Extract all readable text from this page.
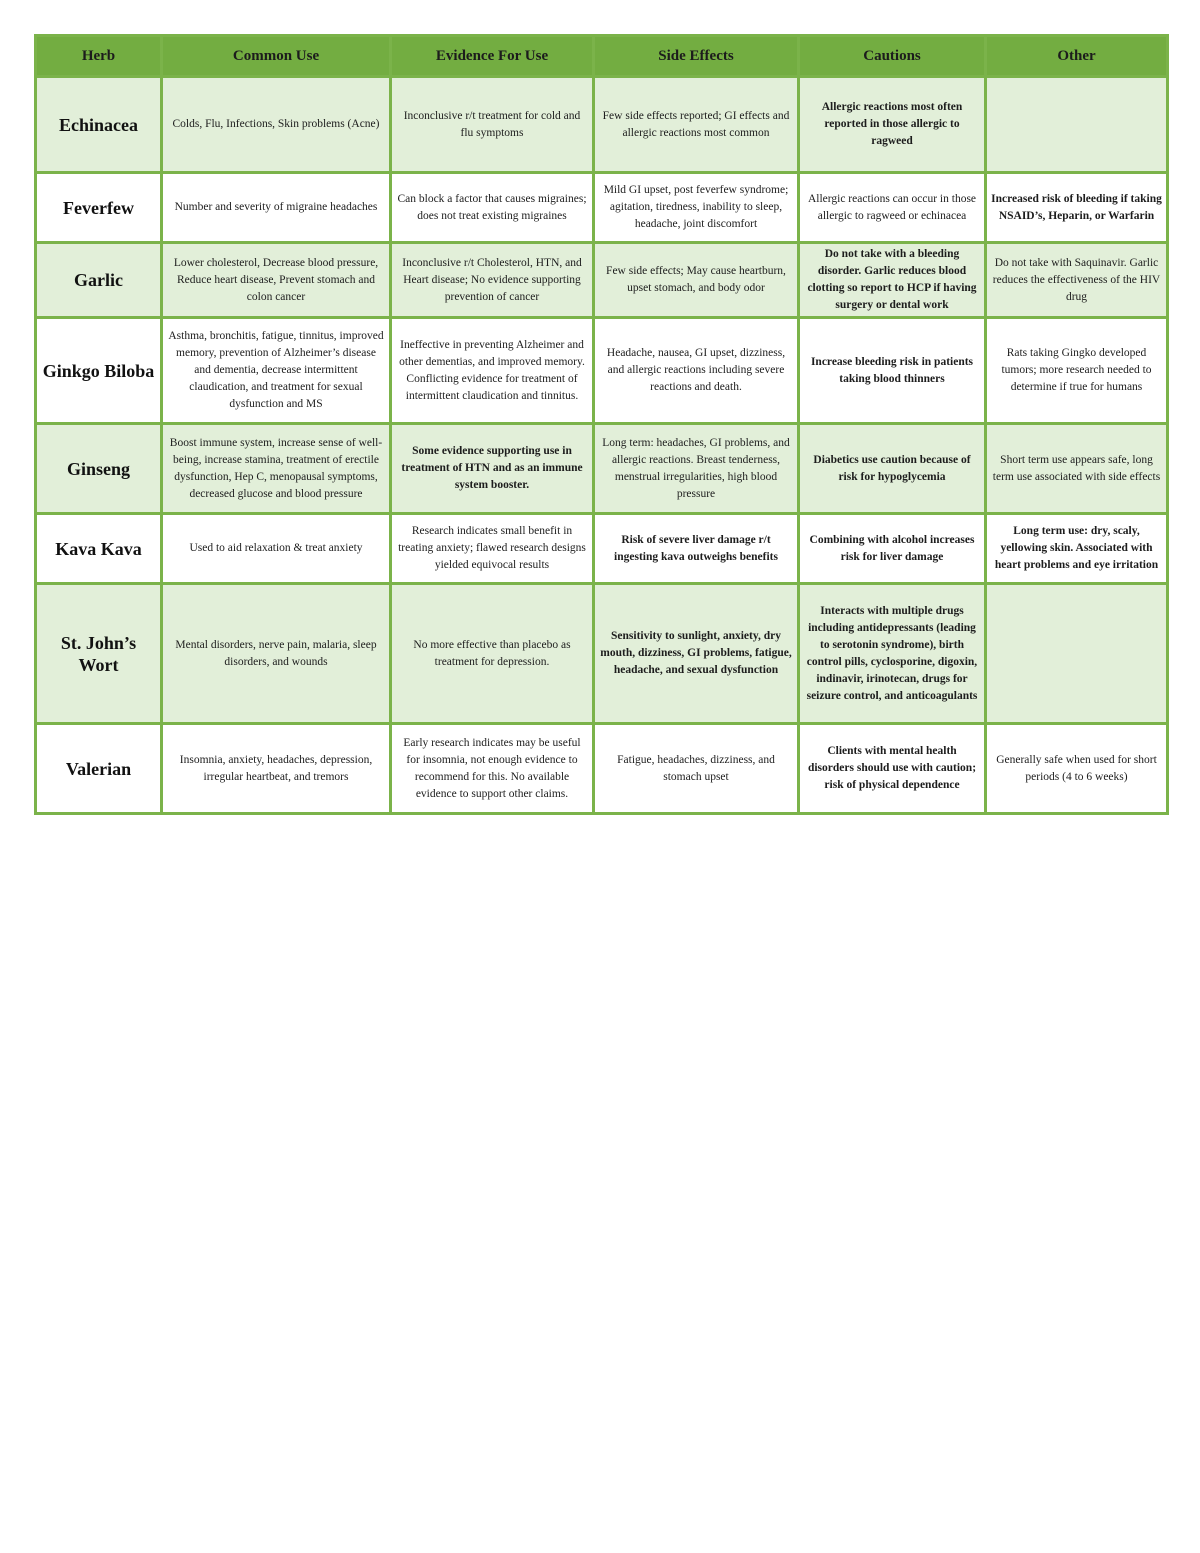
Herb	Common Use	Evidence For Use	Side Effects	Cautions	Other
Echinacea	Colds, Flu, Infections, Skin problems (Acne)	Inconclusive r/t treatment for cold and flu symptoms	Few side effects reported; GI effects and allergic reactions most common	Allergic reactions most often reported in those allergic to ragweed	
Feverfew	Number and severity of migraine headaches	Can block a factor that causes migraines; does not treat existing migraines	Mild GI upset, post feverfew syndrome; agitation, tiredness, inability to sleep, headache, joint discomfort	Allergic reactions can occur in those allergic to ragweed or echinacea	Increased risk of bleeding if taking NSAID’s, Heparin, or Warfarin
Garlic	Lower cholesterol, Decrease blood pressure, Reduce heart disease, Prevent stomach and colon cancer	Inconclusive r/t Cholesterol, HTN, and Heart disease; No evidence supporting prevention of cancer	Few side effects; May cause heartburn, upset stomach, and body odor	Do not take with a bleeding disorder. Garlic reduces blood clotting so report to HCP if having surgery or dental work	Do not take with Saquinavir. Garlic reduces the effectiveness of the HIV drug
Ginkgo Biloba	Asthma, bronchitis, fatigue, tinnitus, improved memory, prevention of Alzheimer’s disease and dementia, decrease intermittent claudication, and treatment for sexual dysfunction and MS	Ineffective in preventing Alzheimer and other dementias, and improved memory. Conflicting evidence for treatment of intermittent claudication and tinnitus.	Headache, nausea, GI upset, dizziness, and allergic reactions including severe reactions and death.	Increase bleeding risk in patients taking blood thinners	Rats taking Gingko developed tumors; more research needed to determine if true for humans
Ginseng	Boost immune system, increase sense of well-being, increase stamina, treatment of erectile dysfunction, Hep C, menopausal symptoms, decreased glucose and blood pressure	Some evidence supporting use in treatment of HTN and as an immune system booster.	Long term: headaches, GI problems, and allergic reactions. Breast tenderness, menstrual irregularities, high blood pressure	Diabetics use caution because of risk for hypoglycemia	Short term use appears safe, long term use associated with side effects
Kava Kava	Used to aid relaxation & treat anxiety	Research indicates small benefit in treating anxiety; flawed research designs yielded equivocal results	Risk of severe liver damage r/t ingesting kava outweighs benefits	Combining with alcohol increases risk for liver damage	Long term use: dry, scaly, yellowing skin. Associated with heart problems and eye irritation
St. John’s Wort	Mental disorders, nerve pain, malaria, sleep disorders, and wounds	No more effective than placebo as treatment for depression.	Sensitivity to sunlight, anxiety, dry mouth, dizziness, GI problems, fatigue, headache, and sexual dysfunction	Interacts with multiple drugs including antidepressants (leading to serotonin syndrome), birth control pills, cyclosporine, digoxin, indinavir, irinotecan, drugs for seizure control, and anticoagulants	
Valerian	Insomnia, anxiety, headaches, depression, irregular heartbeat, and tremors	Early research indicates may be useful for insomnia, not enough evidence to recommend for this. No available evidence to support other claims.	Fatigue, headaches, dizziness, and stomach upset	Clients with mental health disorders should use with caution; risk of physical dependence	Generally safe when used for short periods (4 to 6 weeks)
